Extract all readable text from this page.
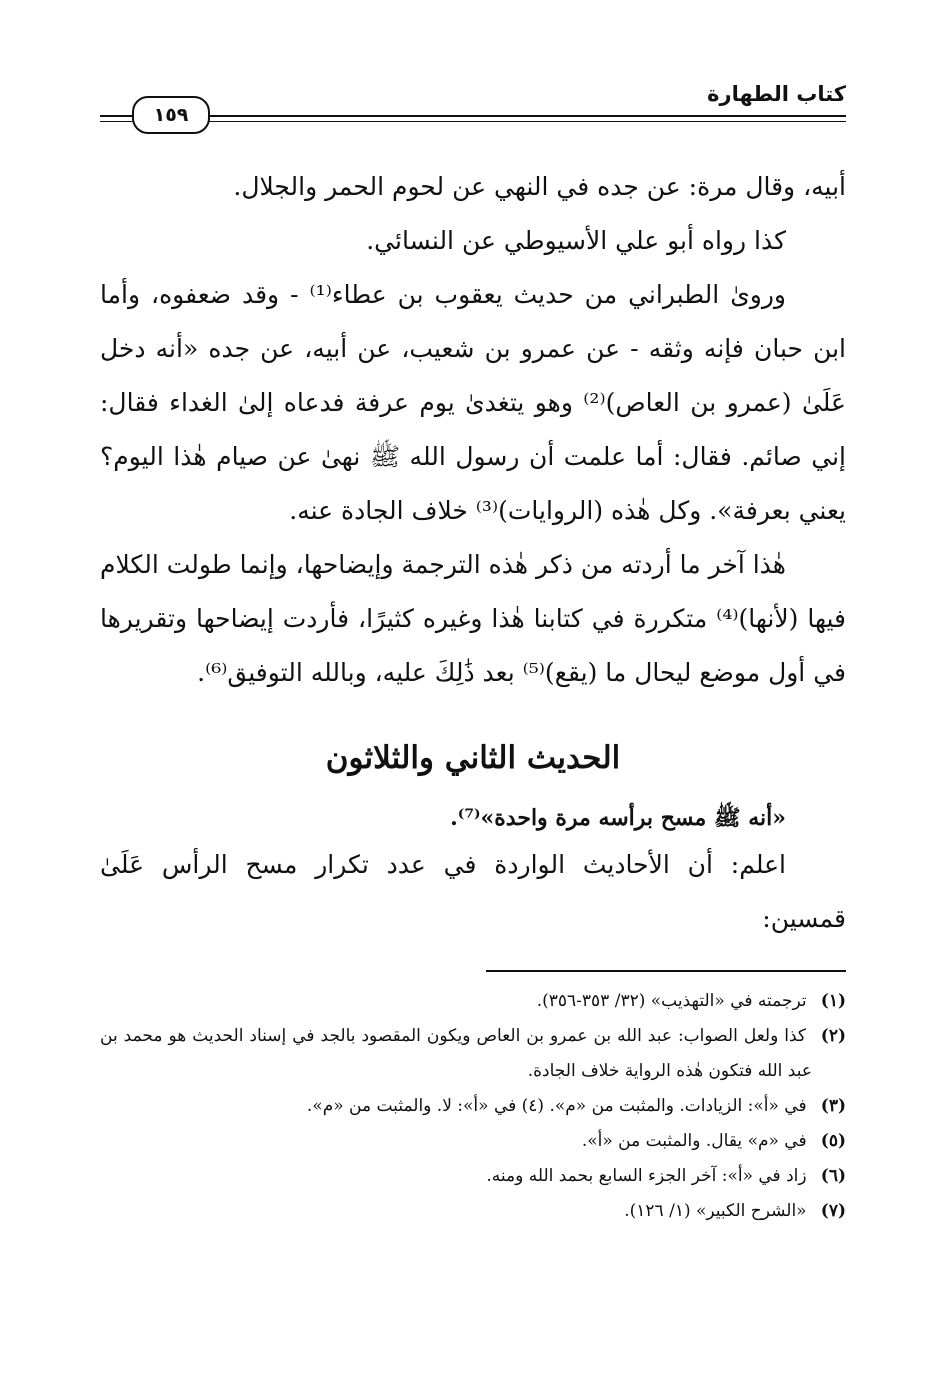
كتاب الطهارة
١٥٩

أبيه، وقال مرة: عن جده في النهي عن لحوم الحمر والجلال.

كذا رواه أبو علي الأسيوطي عن النسائي.

وروىٰ الطبراني من حديث يعقوب بن عطاء⁽¹⁾ - وقد ضعفوه، وأما ابن حبان فإنه وثقه - عن عمرو بن شعيب، عن أبيه، عن جده «أنه دخل عَلَىٰ (عمرو بن العاص)⁽²⁾ وهو يتغدىٰ يوم عرفة فدعاه إلىٰ الغداء فقال: إني صائم. فقال: أما علمت أن رسول الله ﷺ نهىٰ عن صيام هٰذا اليوم؟ يعني بعرفة». وكل هٰذه (الروايات)⁽³⁾ خلاف الجادة عنه.

هٰذا آخر ما أردته من ذكر هٰذه الترجمة وإيضاحها، وإنما طولت الكلام فيها (لأنها)⁽⁴⁾ متكررة في كتابنا هٰذا وغيره كثيرًا، فأردت إيضاحها وتقريرها في أول موضع ليحال ما (يقع)⁽⁵⁾ بعد ذَٰلِكَ عليه، وبالله التوفيق⁽⁶⁾.

الحديث الثاني والثلاثون
«أنه ﷺ مسح برأسه مرة واحدة»⁽⁷⁾.

اعلم: أن الأحاديث الواردة في عدد تكرار مسح الرأس عَلَىٰ قمسين:

(١) ترجمته في «التهذيب» (٣٢/ ٣٥٣-٣٥٦).

(٢) كذا ولعل الصواب: عبد الله بن عمرو بن العاص ويكون المقصود بالجد في إسناد الحديث هو محمد بن عبد الله فتكون هٰذه الرواية خلاف الجادة.

(٣) في «أ»: الزيادات. والمثبت من «م». (٤) في «أ»: لا. والمثبت من «م».

(٥) في «م» يقال. والمثبت من «أ».

(٦) زاد في «أ»: آخر الجزء السابع بحمد الله ومنه.

(٧) «الشرح الكبير» (١/ ١٢٦).
